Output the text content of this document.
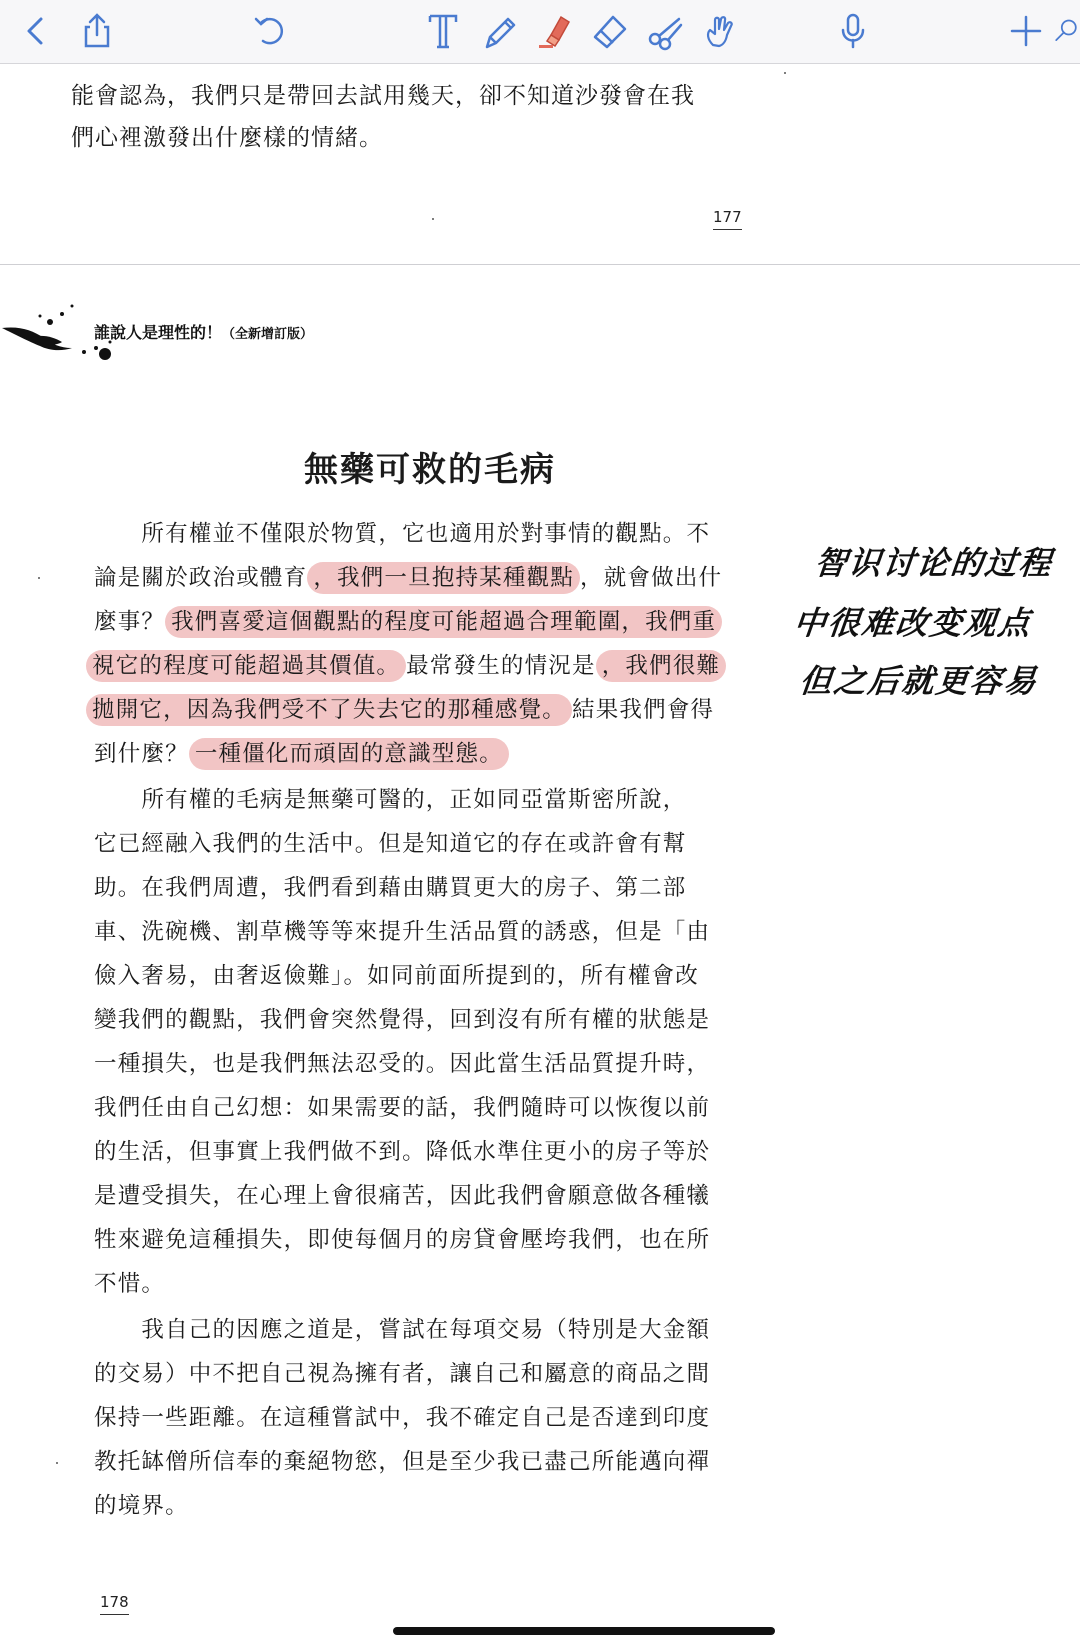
能會認為，我們只是帶回去試用幾天，卻不知道沙發會在我
們心裡激發出什麼樣的情緒。
177
誰說人是理性的！（全新增訂版）
無藥可救的毛病
　　所有權並不僅限於物質，它也適用於對事情的觀點。不
論是關於政治或體育 ，我們一旦抱持某種觀點 ，就會做出什
麼事？ 我們喜愛這個觀點的程度可能超過合理範圍，我們重
視它的程度可能超過其價值。 最常發生的情況是 ，我們很難
拋開它，因為我們受不了失去它的那種感覺。 結果我們會得
到什麼？ 一種僵化而頑固的意識型態。
　　所有權的毛病是無藥可醫的，正如同亞當斯密所說，
它已經融入我們的生活中。但是知道它的存在或許會有幫
助。在我們周遭，我們看到藉由購買更大的房子、第二部
車、洗碗機、割草機等等來提升生活品質的誘惑，但是「由
儉入奢易，由奢返儉難」。如同前面所提到的，所有權會改
變我們的觀點，我們會突然覺得，回到沒有所有權的狀態是
一種損失，也是我們無法忍受的。因此當生活品質提升時，
我們任由自己幻想：如果需要的話，我們隨時可以恢復以前
的生活，但事實上我們做不到。降低水準住更小的房子等於
是遭受損失，在心理上會很痛苦，因此我們會願意做各種犧
牲來避免這種損失，即使每個月的房貸會壓垮我們，也在所
不惜。
　　我自己的因應之道是，嘗試在每項交易（特別是大金額
的交易）中不把自己視為擁有者，讓自己和屬意的商品之間
保持一些距離。在這種嘗試中，我不確定自己是否達到印度
教托缽僧所信奉的棄絕物慾，但是至少我已盡己所能邁向禪
的境界。
178
智识讨论的过程
中很难改变观点
但之后就更容易
